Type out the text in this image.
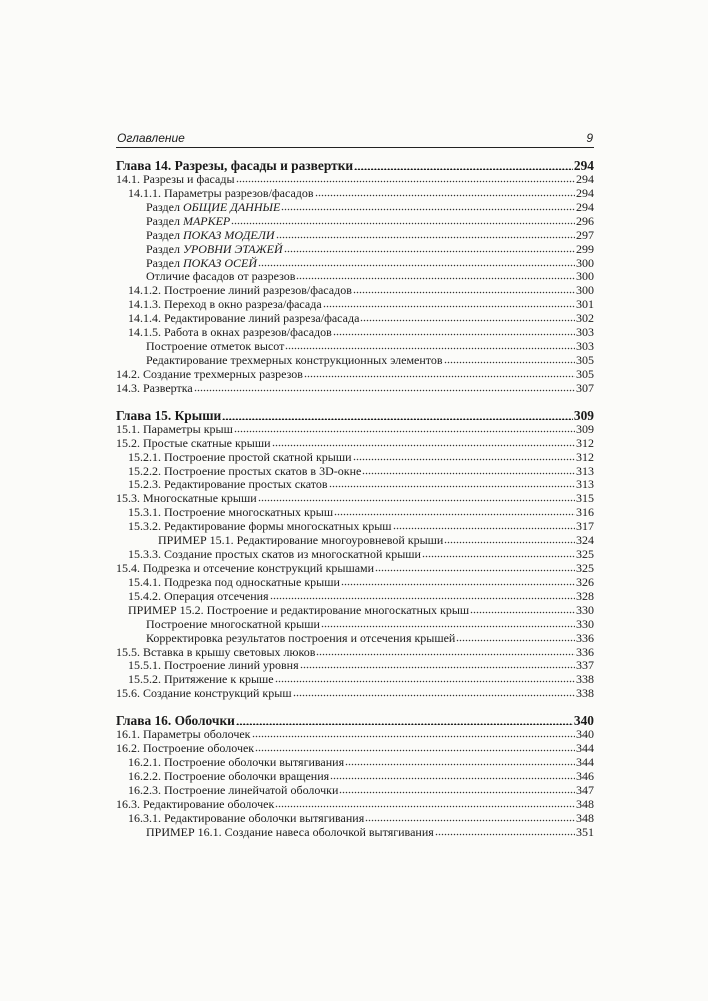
Оглавление	9
Глава 14. Разрезы, фасады и развертки	294
14.1. Разрезы и фасады	294
14.1.1. Параметры разрезов/фасадов	294
Раздел ОБЩИЕ ДАННЫЕ	294
Раздел МАРКЕР	296
Раздел ПОКАЗ МОДЕЛИ	297
Раздел УРОВНИ ЭТАЖЕЙ	299
Раздел ПОКАЗ ОСЕЙ	300
Отличие фасадов от разрезов	300
14.1.2. Построение линий разрезов/фасадов	300
14.1.3. Переход в окно разреза/фасада	301
14.1.4. Редактирование линий разреза/фасада	302
14.1.5. Работа в окнах разрезов/фасадов	303
Построение отметок высот	303
Редактирование трехмерных конструкционных элементов	305
14.2. Создание трехмерных разрезов	305
14.3. Развертка	307
Глава 15. Крыши	309
15.1. Параметры крыш	309
15.2. Простые скатные крыши	312
15.2.1. Построение простой скатной крыши	312
15.2.2. Построение простых скатов в 3D-окне	313
15.2.3. Редактирование простых скатов	313
15.3. Многоскатные крыши	315
15.3.1. Построение многоскатных крыш	316
15.3.2. Редактирование формы многоскатных крыш	317
ПРИМЕР 15.1. Редактирование многоуровневой крыши	324
15.3.3. Создание простых скатов из многоскатной крыши	325
15.4. Подрезка и отсечение конструкций крышами	325
15.4.1. Подрезка под односкатные крыши	326
15.4.2. Операция отсечения	328
ПРИМЕР 15.2. Построение и редактирование многоскатных крыш	330
Построение многоскатной крыши	330
Корректировка результатов построения и отсечения крышей	336
15.5. Вставка в крышу световых люков	336
15.5.1. Построение линий уровня	337
15.5.2. Притяжение к крыше	338
15.6. Создание конструкций крыш	338
Глава 16. Оболочки	340
16.1. Параметры оболочек	340
16.2. Построение оболочек	344
16.2.1. Построение оболочки вытягивания	344
16.2.2. Построение оболочки вращения	346
16.2.3. Построение линейчатой оболочки	347
16.3. Редактирование оболочек	348
16.3.1. Редактирование оболочки вытягивания	348
ПРИМЕР 16.1. Создание навеса оболочкой вытягивания	351
